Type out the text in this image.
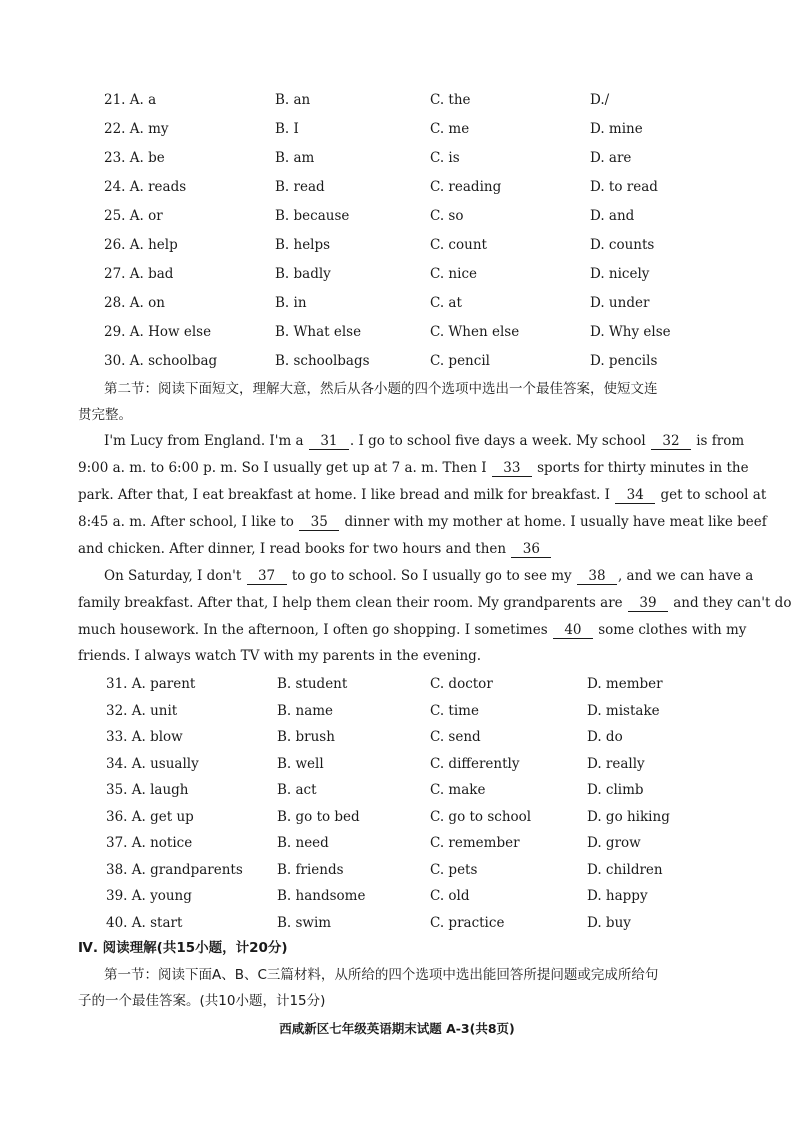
21. A. a	B. an	C. the	D./
22. A. my	B. I	C. me	D. mine
23. A. be	B. am	C. is	D. are
24. A. reads	B. read	C. reading	D. to read
25. A. or	B. because	C. so	D. and
26. A. help	B. helps	C. count	D. counts
27. A. bad	B. badly	C. nice	D. nicely
28. A. on	B. in	C. at	D. under
29. A. How else	B. What else	C. When else	D. Why else
30. A. schoolbag	B. schoolbags	C. pencil	D. pencils
第二节：阅读下面短文，理解大意，然后从各小题的四个选项中选出一个最佳答案，使短文连
贯完整。
I'm Lucy from England. I'm a 31 . I go to school five days a week. My school 32 is from
9:00 a. m. to 6:00 p. m. So I usually get up at 7 a. m. Then I 33 sports for thirty minutes in the
park. After that, I eat breakfast at home. I like bread and milk for breakfast. I 34 get to school at
8:45 a. m. After school, I like to 35 dinner with my mother at home. I usually have meat like beef
and chicken. After dinner, I read books for two hours and then 36
On Saturday, I don't 37 to go to school. So I usually go to see my 38 , and we can have a
family breakfast. After that, I help them clean their room. My grandparents are 39 and they can't do
much housework. In the afternoon, I often go shopping. I sometimes 40 some clothes with my
friends. I always watch TV with my parents in the evening.
31. A. parent	B. student	C. doctor	D. member
32. A. unit	B. name	C. time	D. mistake
33. A. blow	B. brush	C. send	D. do
34. A. usually	B. well	C. differently	D. really
35. A. laugh	B. act	C. make	D. climb
36. A. get up	B. go to bed	C. go to school	D. go hiking
37. A. notice	B. need	C. remember	D. grow
38. A. grandparents	B. friends	C. pets	D. children
39. A. young	B. handsome	C. old	D. happy
40. A. start	B. swim	C. practice	D. buy
Ⅳ. 阅读理解(共15小题，计20分)
第一节：阅读下面A、B、C三篇材料，从所给的四个选项中选出能回答所提问题或完成所给句
子的一个最佳答案。(共10小题，计15分)
西咸新区七年级英语期末试题 A-3(共8页)
